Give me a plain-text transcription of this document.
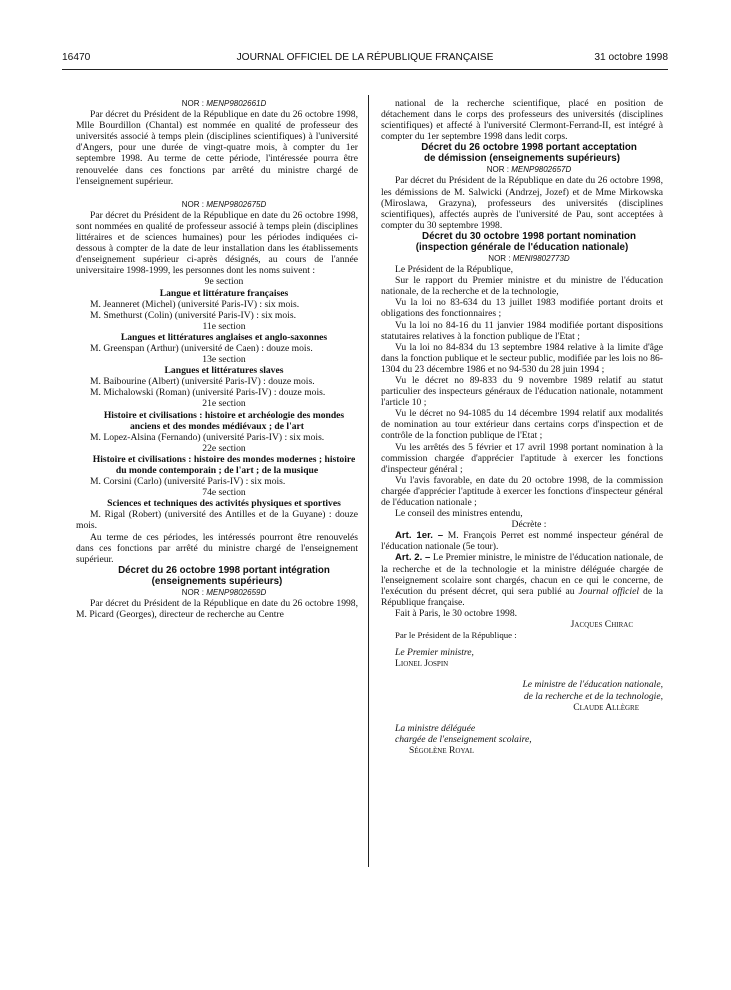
16470	JOURNAL OFFICIEL DE LA RÉPUBLIQUE FRANÇAISE	31 octobre 1998

NOR : MENP9802661D

Par décret du Président de la République en date du 26 octobre 1998, Mlle Bourdillon (Chantal) est nommée en qualité de professeur des universités associé à temps plein (disciplines scientifiques) à l'université d'Angers, pour une durée de vingt-quatre mois, à compter du 1er septembre 1998. Au terme de cette période, l'intéressée pourra être renouvelée dans ces fonctions par arrêté du ministre chargé de l'enseignement supérieur.

NOR : MENP9802675D

Par décret du Président de la République en date du 26 octobre 1998, sont nommées en qualité de professeur associé à temps plein (disciplines littéraires et de sciences humaines) pour les périodes indiquées ci-dessous à compter de la date de leur installation dans les établissements d'enseignement supérieur ci-après désignés, au cours de l'année universitaire 1998-1999, les personnes dont les noms suivent :

9e section

Langue et littérature françaises

M. Jeanneret (Michel) (université Paris-IV) : six mois.

M. Smethurst (Colin) (université Paris-IV) : six mois.

11e section

Langues et littératures anglaises et anglo-saxonnes

M. Greenspan (Arthur) (université de Caen) : douze mois.

13e section

Langues et littératures slaves

M. Baibourine (Albert) (université Paris-IV) : douze mois.

M. Michalowski (Roman) (université Paris-IV) : douze mois.

21e section

Histoire et civilisations : histoire et archéologie des mondes anciens et des mondes médiévaux ; de l'art

M. Lopez-Alsina (Fernando) (université Paris-IV) : six mois.

22e section

Histoire et civilisations : histoire des mondes modernes ; histoire du monde contemporain ; de l'art ; de la musique

M. Corsini (Carlo) (université Paris-IV) : six mois.

74e section

Sciences et techniques des activités physiques et sportives

M. Rigal (Robert) (université des Antilles et de la Guyane) : douze mois.

Au terme de ces périodes, les intéressés pourront être renouvelés dans ces fonctions par arrêté du ministre chargé de l'enseignement supérieur.

Décret du 26 octobre 1998 portant intégration
(enseignements supérieurs)

NOR : MENP9802659D

Par décret du Président de la République en date du 26 octobre 1998, M. Picard (Georges), directeur de recherche au Centre

national de la recherche scientifique, placé en position de détachement dans le corps des professeurs des universités (disciplines scientifiques) et affecté à l'université Clermont-Ferrand-II, est intégré à compter du 1er septembre 1998 dans ledit corps.

Décret du 26 octobre 1998 portant acceptation
de démission (enseignements supérieurs)

NOR : MENP9802657D

Par décret du Président de la République en date du 26 octobre 1998, les démissions de M. Salwicki (Andrzej, Jozef) et de Mme Mirkowska (Miroslawa, Grazyna), professeurs des universités (disciplines scientifiques), affectés auprès de l'université de Pau, sont acceptées à compter du 30 septembre 1998.

Décret du 30 octobre 1998 portant nomination
(inspection générale de l'éducation nationale)

NOR : MENI9802773D

Le Président de la République,

Sur le rapport du Premier ministre et du ministre de l'éducation nationale, de la recherche et de la technologie,

Vu la loi no 83-634 du 13 juillet 1983 modifiée portant droits et obligations des fonctionnaires ;

Vu la loi no 84-16 du 11 janvier 1984 modifiée portant dispositions statutaires relatives à la fonction publique de l'Etat ;

Vu la loi no 84-834 du 13 septembre 1984 relative à la limite d'âge dans la fonction publique et le secteur public, modifiée par les lois no 86-1304 du 23 décembre 1986 et no 94-530 du 28 juin 1994 ;

Vu le décret no 89-833 du 9 novembre 1989 relatif au statut particulier des inspecteurs généraux de l'éducation nationale, notamment l'article 10 ;

Vu le décret no 94-1085 du 14 décembre 1994 relatif aux modalités de nomination au tour extérieur dans certains corps d'inspection et de contrôle de la fonction publique de l'Etat ;

Vu les arrêtés des 5 février et 17 avril 1998 portant nomination à la commission chargée d'apprécier l'aptitude à exercer les fonctions d'inspecteur général ;

Vu l'avis favorable, en date du 20 octobre 1998, de la commission chargée d'apprécier l'aptitude à exercer les fonctions d'inspecteur général de l'éducation nationale ;

Le conseil des ministres entendu,

Décrète :

Art. 1er. – M. François Perret est nommé inspecteur général de l'éducation nationale (5e tour).

Art. 2. – Le Premier ministre, le ministre de l'éducation nationale, de la recherche et de la technologie et la ministre déléguée chargée de l'enseignement scolaire sont chargés, chacun en ce qui le concerne, de l'exécution du présent décret, qui sera publié au Journal officiel de la République française.

Fait à Paris, le 30 octobre 1998.

Jacques Chirac

Par le Président de la République :

Le Premier ministre,

Lionel Jospin

Le ministre de l'éducation nationale,
de la recherche et de la technologie,

Claude Allègre

La ministre déléguée
chargée de l'enseignement scolaire,

Ségolène Royal
